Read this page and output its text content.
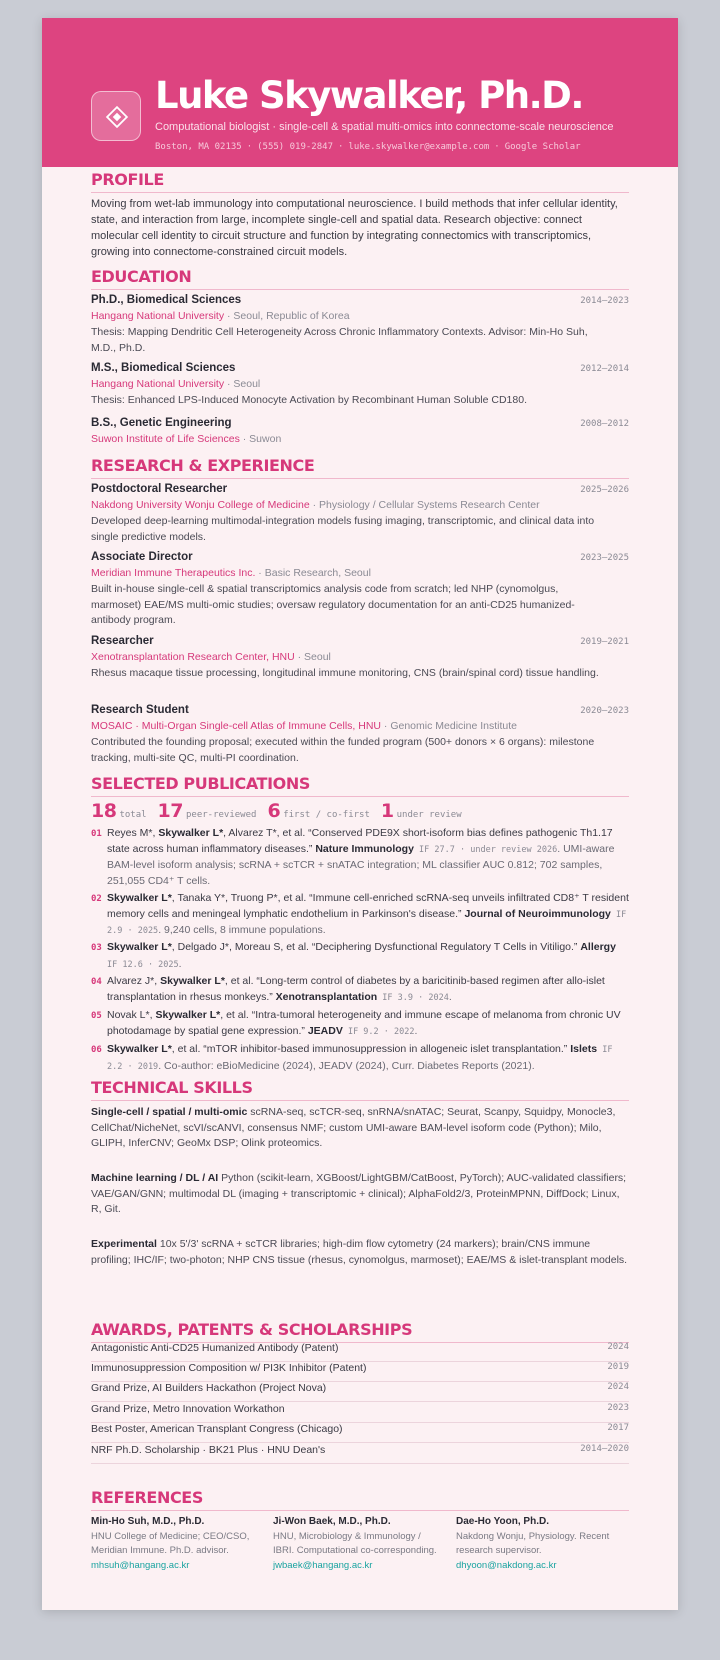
Luke Skywalker, Ph.D.
Computational biologist · single-cell & spatial multi-omics into connectome-scale neuroscience
Boston, MA 02135 · (555) 019-2847 · luke.skywalker@example.com · Google Scholar
PROFILE
Moving from wet-lab immunology into computational neuroscience. I build methods that infer cellular identity, state, and interaction from large, incomplete single-cell and spatial data. Research objective: connect molecular cell identity to circuit structure and function by integrating connectomics with transcriptomics, growing into connectome-constrained circuit models.
EDUCATION
Ph.D., Biomedical Sciences	2014–2023
Hangang National University · Seoul, Republic of Korea
Thesis: Mapping Dendritic Cell Heterogeneity Across Chronic Inflammatory Contexts. Advisor: Min-Ho Suh, M.D., Ph.D.
M.S., Biomedical Sciences	2012–2014
Hangang National University · Seoul
Thesis: Enhanced LPS-Induced Monocyte Activation by Recombinant Human Soluble CD180.
B.S., Genetic Engineering	2008–2012
Suwon Institute of Life Sciences · Suwon
RESEARCH & EXPERIENCE
Postdoctoral Researcher	2025–2026
Nakdong University Wonju College of Medicine · Physiology / Cellular Systems Research Center
Developed deep-learning multimodal-integration models fusing imaging, transcriptomic, and clinical data into single predictive models.
Associate Director	2023–2025
Meridian Immune Therapeutics Inc. · Basic Research, Seoul
Built in-house single-cell & spatial transcriptomics analysis code from scratch; led NHP (cynomolgus, marmoset) EAE/MS multi-omic studies; oversaw regulatory documentation for an anti-CD25 humanized-antibody program.
Researcher	2019–2021
Xenotransplantation Research Center, HNU · Seoul
Rhesus macaque tissue processing, longitudinal immune monitoring, CNS (brain/spinal cord) tissue handling.
Research Student	2020–2023
MOSAIC · Multi-Organ Single-cell Atlas of Immune Cells, HNU · Genomic Medicine Institute
Contributed the founding proposal; executed within the funded program (500+ donors × 6 organs): milestone tracking, multi-site QC, multi-PI coordination.
SELECTED PUBLICATIONS
18 total 17 peer-reviewed 6 first / co-first 1 under review
01 Reyes M*, Skywalker L*, Alvarez T*, et al. “Conserved PDE9X short-isoform bias defines pathogenic Th1.17 state across human inflammatory diseases.” Nature Immunology IF 27.7 · under review 2026. UMI-aware BAM-level isoform analysis; scRNA + scTCR + snATAC integration; ML classifier AUC 0.812; 702 samples, 251,055 CD4⁺ T cells.
02 Skywalker L*, Tanaka Y*, Truong P*, et al. “Immune cell-enriched scRNA-seq unveils infiltrated CD8⁺ T resident memory cells and meningeal lymphatic endothelium in Parkinson's disease.” Journal of Neuroimmunology IF 2.9 · 2025. 9,240 cells, 8 immune populations.
03 Skywalker L*, Delgado J*, Moreau S, et al. “Deciphering Dysfunctional Regulatory T Cells in Vitiligo.” Allergy IF 12.6 · 2025.
04 Alvarez J*, Skywalker L*, et al. “Long-term control of diabetes by a baricitinib-based regimen after allo-islet transplantation in rhesus monkeys.” Xenotransplantation IF 3.9 · 2024.
05 Novak L*, Skywalker L*, et al. “Intra-tumoral heterogeneity and immune escape of melanoma from chronic UV photodamage by spatial gene expression.” JEADV IF 9.2 · 2022.
06 Skywalker L*, et al. “mTOR inhibitor-based immunosuppression in allogeneic islet transplantation.” Islets IF 2.2 · 2019. Co-author: eBioMedicine (2024), JEADV (2024), Curr. Diabetes Reports (2021).
TECHNICAL SKILLS
Single-cell / spatial / multi-omic scRNA-seq, scTCR-seq, snRNA/snATAC; Seurat, Scanpy, Squidpy, Monocle3, CellChat/NicheNet, scVI/scANVI, consensus NMF; custom UMI-aware BAM-level isoform code (Python); Milo, GLIPH, InferCNV; GeoMx DSP; Olink proteomics.
Machine learning / DL / AI Python (scikit-learn, XGBoost/LightGBM/CatBoost, PyTorch); AUC-validated classifiers; VAE/GAN/GNN; multimodal DL (imaging + transcriptomic + clinical); AlphaFold2/3, ProteinMPNN, DiffDock; Linux, R, Git.
Experimental 10x 5'/3' scRNA + scTCR libraries; high-dim flow cytometry (24 markers); brain/CNS immune profiling; IHC/IF; two-photon; NHP CNS tissue (rhesus, cynomolgus, marmoset); EAE/MS & islet-transplant models.
AWARDS, PATENTS & SCHOLARSHIPS
Antagonistic Anti-CD25 Humanized Antibody (Patent)	2024
Immunosuppression Composition w/ PI3K Inhibitor (Patent)	2019
Grand Prize, AI Builders Hackathon (Project Nova)	2024
Grand Prize, Metro Innovation Workathon	2023
Best Poster, American Transplant Congress (Chicago)	2017
NRF Ph.D. Scholarship · BK21 Plus · HNU Dean's	2014–2020
REFERENCES
Min-Ho Suh, M.D., Ph.D.
HNU College of Medicine; CEO/CSO, Meridian Immune. Ph.D. advisor.
mhsuh@hangang.ac.kr
Ji-Won Baek, M.D., Ph.D.
HNU, Microbiology & Immunology / IBRI. Computational co-corresponding.
jwbaek@hangang.ac.kr
Dae-Ho Yoon, Ph.D.
Nakdong Wonju, Physiology. Recent research supervisor.
dhyoon@nakdong.ac.kr
